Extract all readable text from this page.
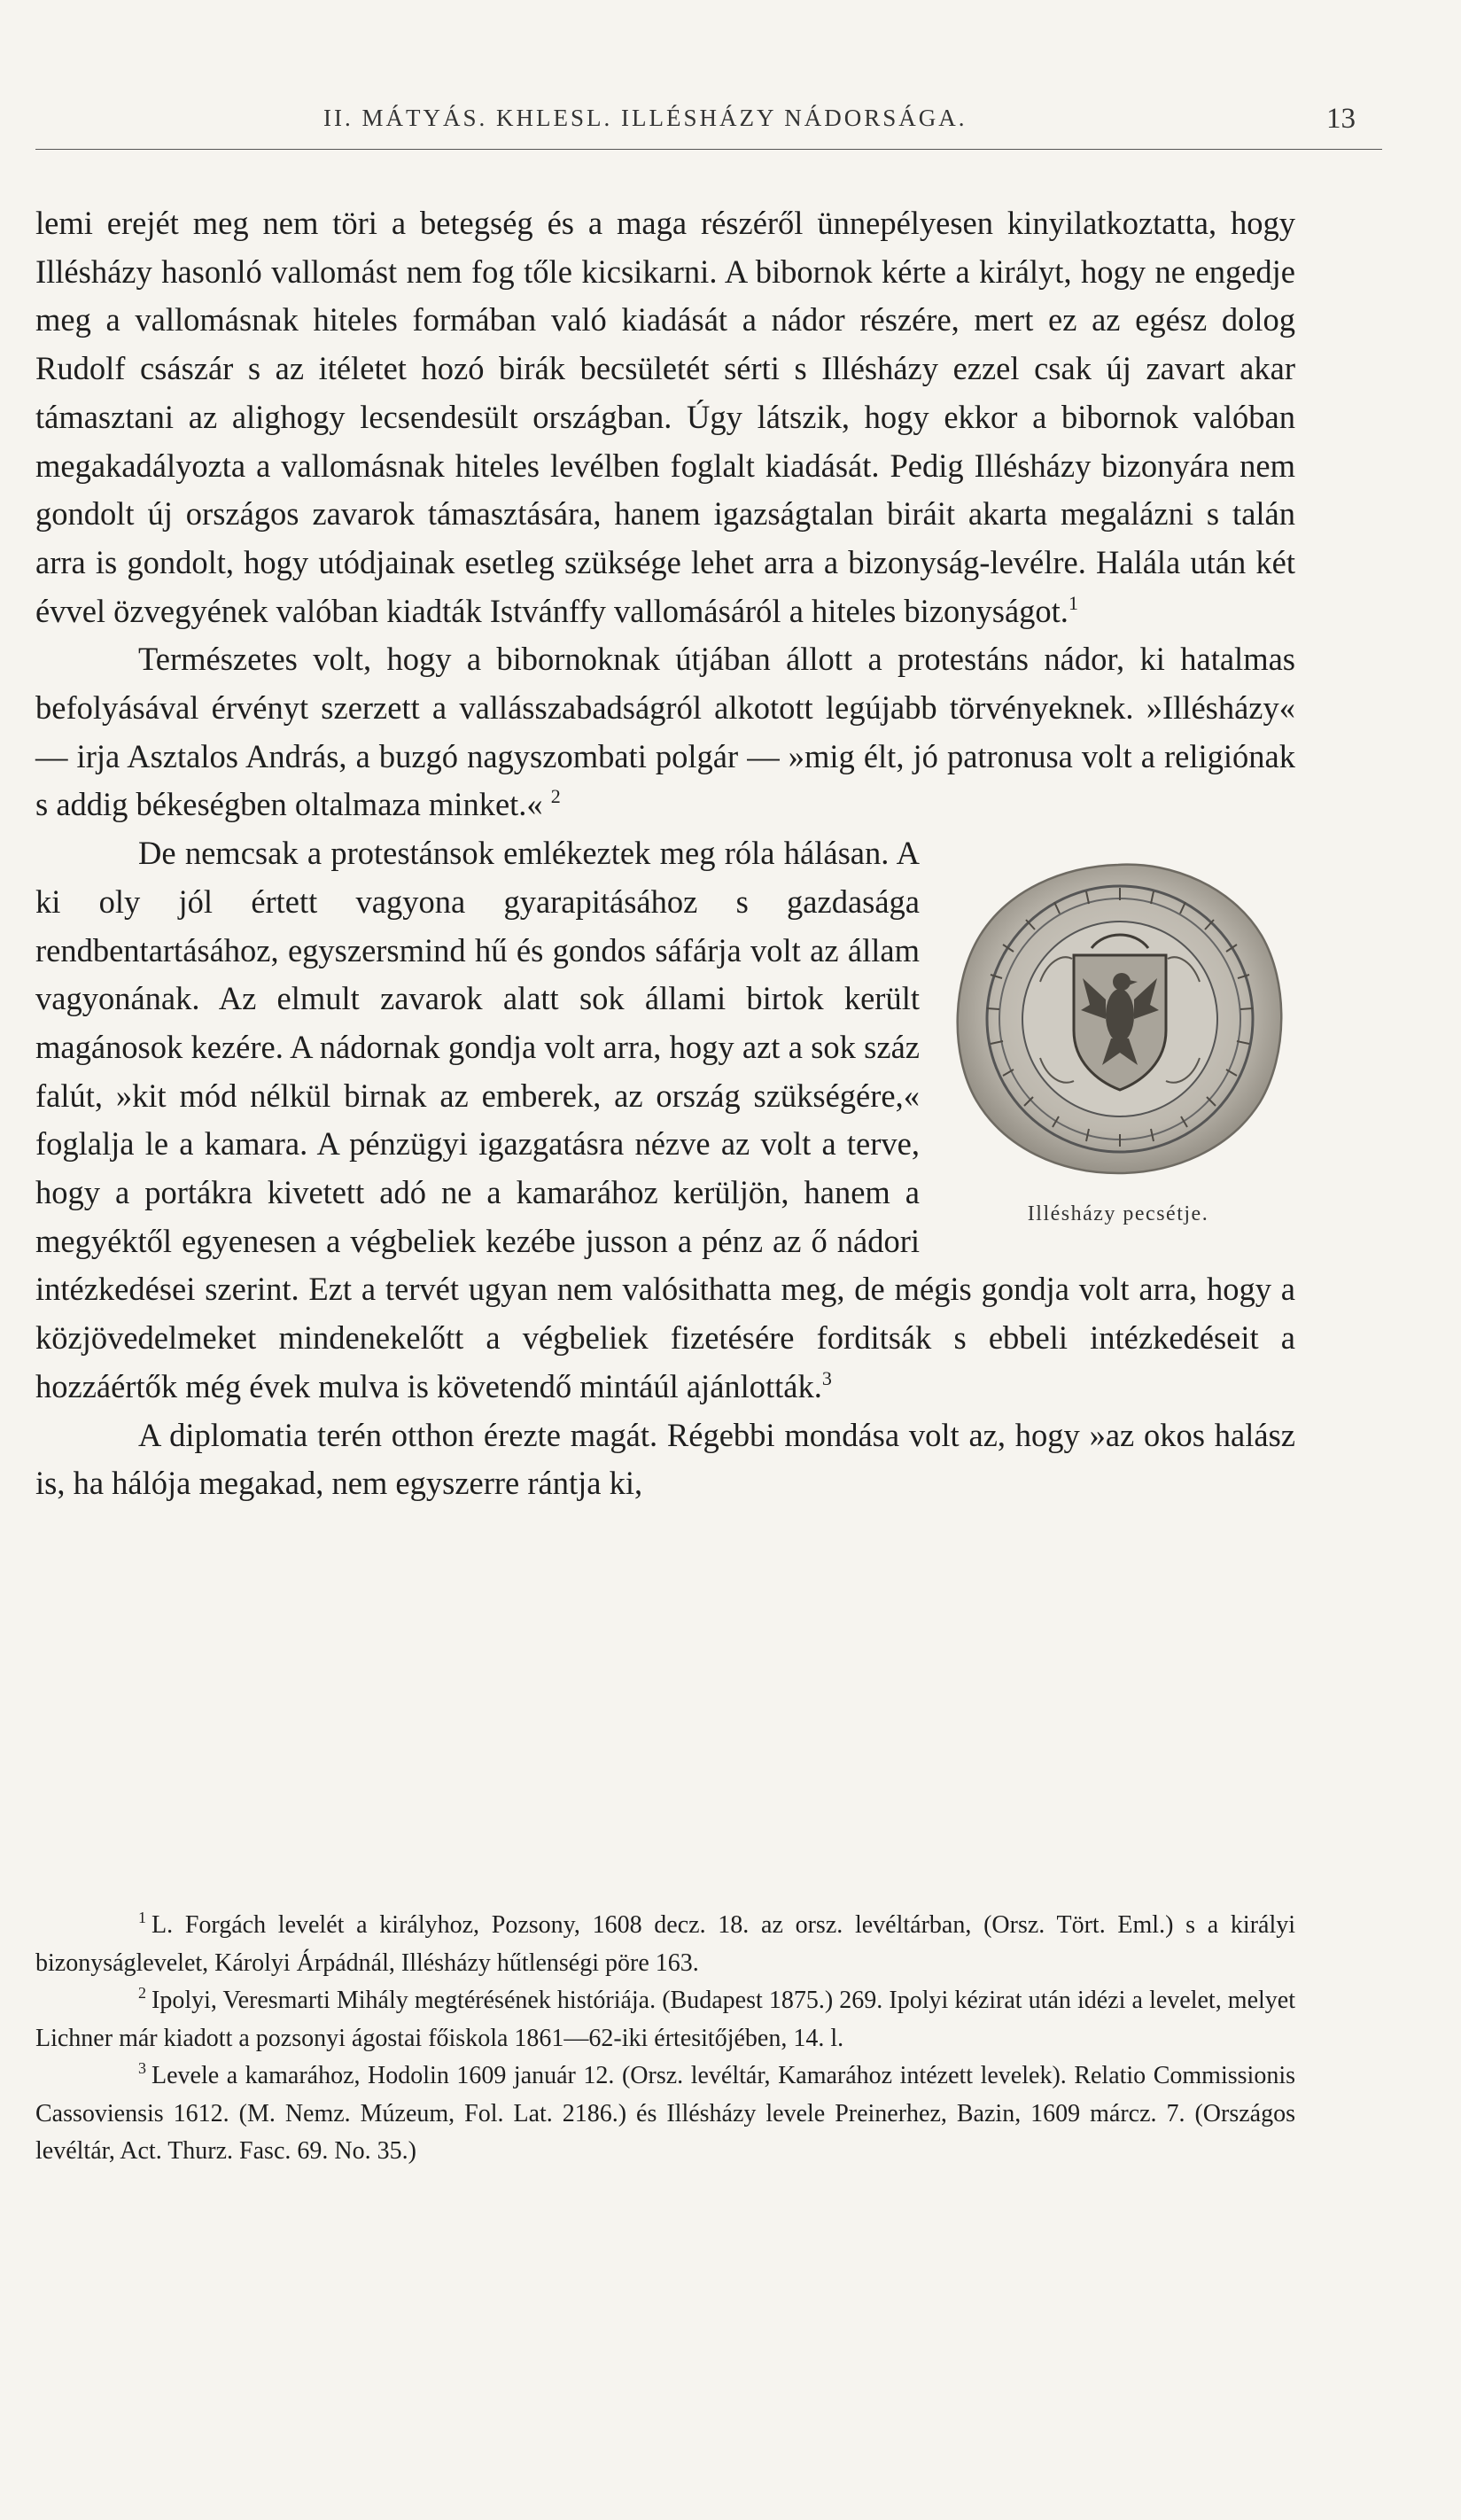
II. MÁTYÁS. KHLESL. ILLÉSHÁZY NÁDORSÁGA.	13

lemi erejét meg nem töri a betegség és a maga részéről ünnepélyesen kinyilatkoztatta, hogy Illésházy hasonló vallomást nem fog tőle kicsikarni. A bibornok kérte a királyt, hogy ne engedje meg a vallomásnak hiteles formában való kiadását a nádor részére, mert ez az egész dolog Rudolf császár s az itéletet hozó birák becsületét sérti s Illésházy ezzel csak új zavart akar támasztani az alighogy lecsendesült országban. Úgy látszik, hogy ekkor a bibornok valóban megakadályozta a vallomásnak hiteles levélben foglalt kiadását. Pedig Illésházy bizonyára nem gondolt új országos zavarok támasztására, hanem igazságtalan biráit akarta megalázni s talán arra is gondolt, hogy utódjainak esetleg szüksége lehet arra a bizonyság-levélre. Halála után két évvel özvegyének valóban kiadták Istvánffy vallomásáról a hiteles bizonyságot.$^1$

Természetes volt, hogy a bibornoknak útjában állott a protestáns nádor, ki hatalmas befolyásával érvényt szerzett a vallásszabadságról alkotott legújabb törvényeknek. »Illésházy« — irja Asztalos András, a buzgó nagyszombati polgár — »mig élt, jó patronusa volt a religiónak s addig békeségben oltalmaza minket.« $^2$

Illésházy pecsétje.

De nemcsak a protestánsok emlékeztek meg róla hálásan. A ki oly jól értett vagyona gyarapitásához s gazdasága rendbentartásához, egyszersmind hű és gondos sáfárja volt az állam vagyonának. Az elmult zavarok alatt sok állami birtok került magánosok kezére. A nádornak gondja volt arra, hogy azt a sok száz falút, »kit mód nélkül birnak az emberek, az ország szükségére,« foglalja le a kamara. A pénzügyi igazgatásra nézve az volt a terve, hogy a portákra kivetett adó ne a kamarához kerüljön, hanem a megyéktől egyenesen a végbeliek kezébe jusson a pénz az ő nádori intézkedései szerint. Ezt a tervét ugyan nem valósithatta meg, de mégis gondja volt arra, hogy a közjövedelmeket mindenekelőtt a végbeliek fizetésére forditsák s ebbeli intézkedéseit a hozzáértők még évek mulva is követendő mintáúl ajánlották.$^3$

A diplomatia terén otthon érezte magát. Régebbi mondása volt az, hogy »az okos halász is, ha hálója megakad, nem egyszerre rántja ki,

$^1$ L. Forgách levelét a királyhoz, Pozsony, 1608 decz. 18. az orsz. levéltárban, (Orsz. Tört. Eml.) s a királyi bizonyságlevelet, Károlyi Árpádnál, Illésházy hűtlenségi pöre 163.

$^2$ Ipolyi, Veresmarti Mihály megtérésének históriája. (Budapest 1875.) 269. Ipolyi kézirat után idézi a levelet, melyet Lichner már kiadott a pozsonyi ágostai főiskola 1861—62-iki értesitőjében, 14. l.

$^3$ Levele a kamarához, Hodolin 1609 január 12. (Orsz. levéltár, Kamarához intézett levelek). Relatio Commissionis Cassoviensis 1612. (M. Nemz. Múzeum, Fol. Lat. 2186.) és Illésházy levele Preinerhez, Bazin, 1609 márcz. 7. (Országos levéltár, Act. Thurz. Fasc. 69. No. 35.)
